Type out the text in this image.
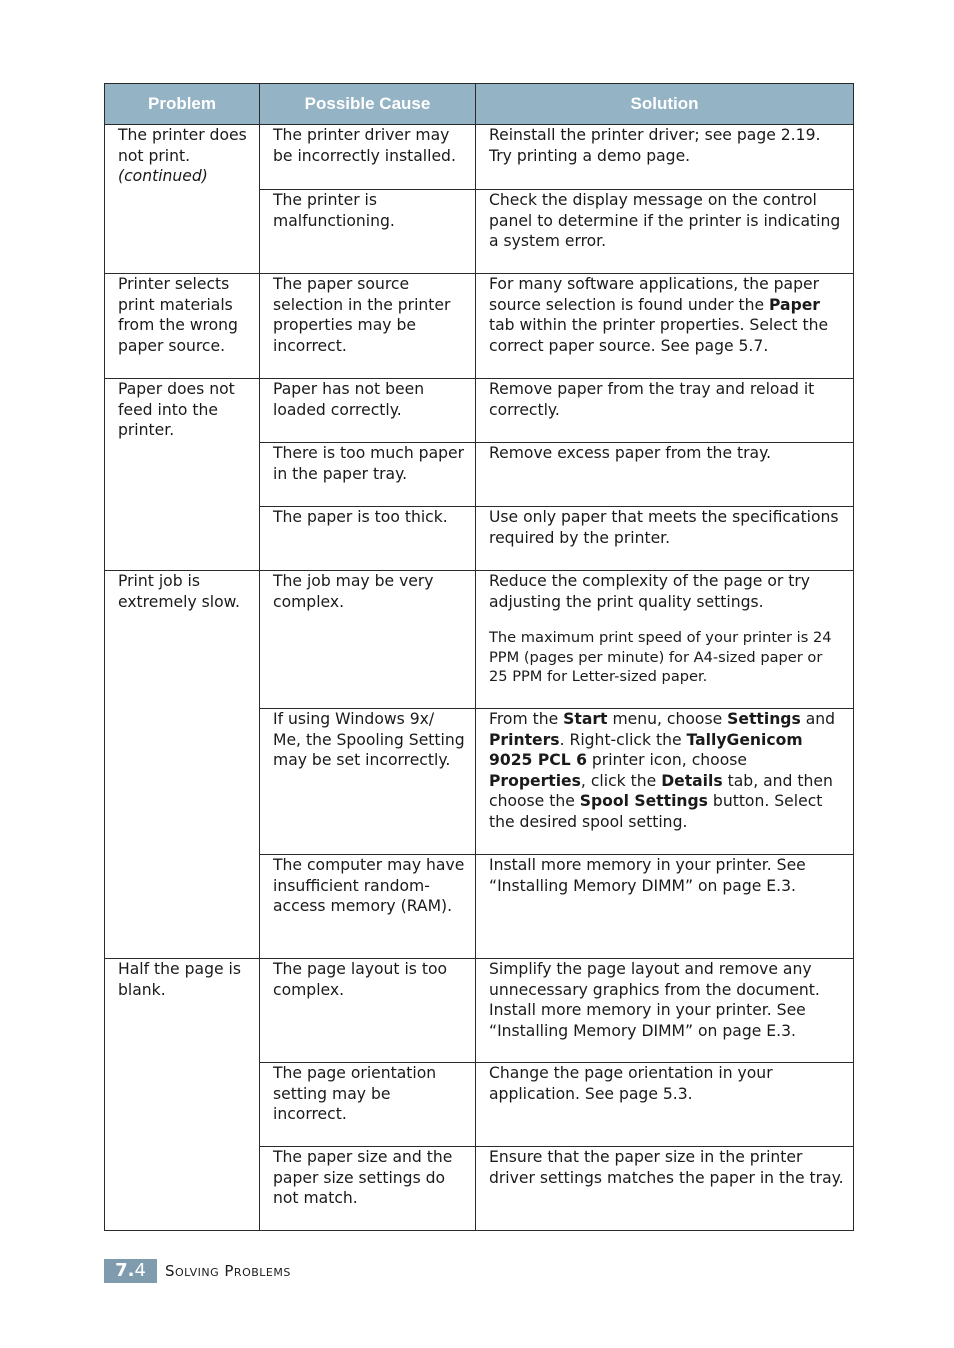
Problem	Possible Cause	Solution
The printer does not print.
(continued)	The printer driver may be incorrectly installed.	Reinstall the printer driver; see page 2.19. Try printing a demo page.
	The printer is malfunctioning.	Check the display message on the control panel to determine if the printer is indicating a system error.
Printer selects print materials from the wrong paper source.	The paper source selection in the printer properties may be incorrect.	For many software applications, the paper source selection is found under the Paper tab within the printer properties. Select the correct paper source. See page 5.7.
Paper does not feed into the printer.	Paper has not been loaded correctly.	Remove paper from the tray and reload it correctly.
	There is too much paper in the paper tray.	Remove excess paper from the tray.
	The paper is too thick.	Use only paper that meets the specifications required by the printer.
Print job is extremely slow.	The job may be very complex.	Reduce the complexity of the page or try adjusting the print quality settings.
The maximum print speed of your printer is 24 PPM (pages per minute) for A4-sized paper or 25 PPM for Letter-sized paper.

	If using Windows 9x/ Me, the Spooling Setting may be set incorrectly.	From the Start menu, choose Settings and Printers. Right-click the TallyGenicom 9025 PCL 6 printer icon, choose Properties, click the Details tab, and then choose the Spool Settings button. Select the desired spool setting.
	The computer may have insufficient random-access memory (RAM).	Install more memory in your printer. See “Installing Memory DIMM” on page E.3.
Half the page is blank.	The page layout is too complex.	Simplify the page layout and remove any unnecessary graphics from the document. Install more memory in your printer. See “Installing Memory DIMM” on page E.3.
	The page orientation setting may be incorrect.	Change the page orientation in your application. See page 5.3.
	The paper size and the paper size settings do not match.	Ensure that the paper size in the printer driver settings matches the paper in the tray.
7.4	Solving Problems
